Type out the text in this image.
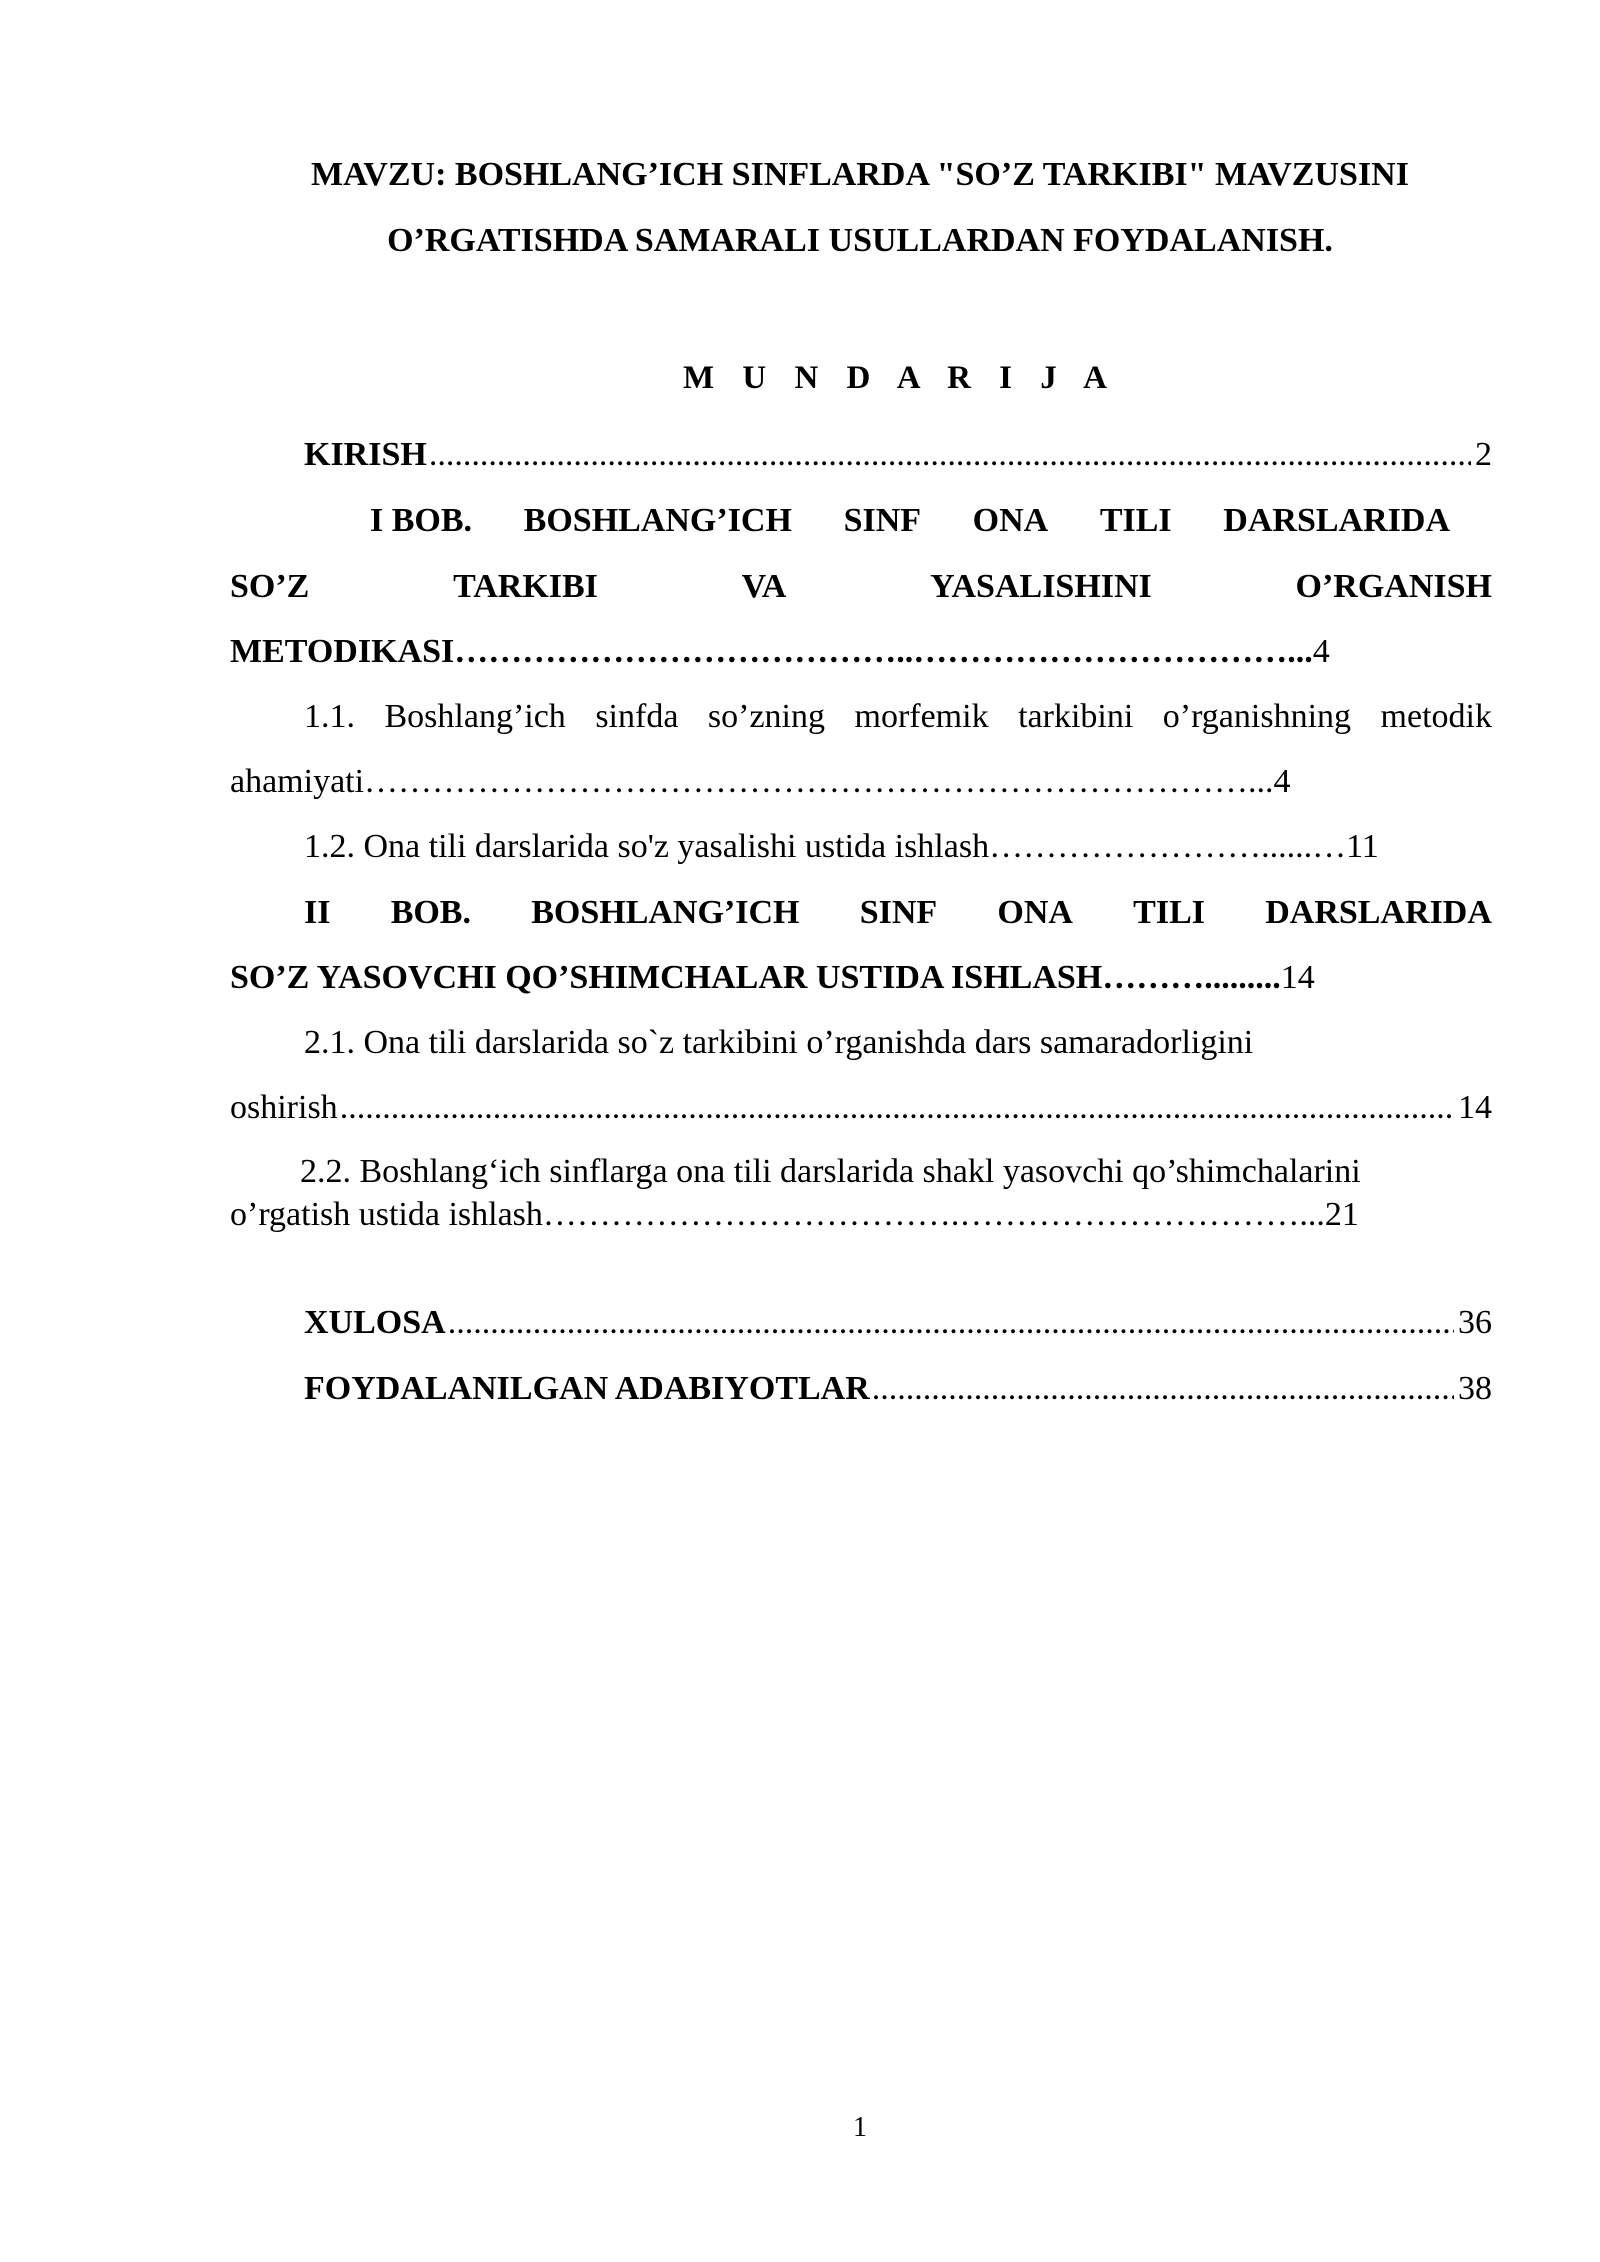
MAVZU: BOSHLANG’ICH SINFLARDA "SO’Z TARKIBI" MAVZUSINI
O’RGATISHDA SAMARALI USULLARDAN FOYDALANISH.
M U N D A R I J A
KIRISH .....	2
I BOB. BOSHLANG’ICH SINF ONA TILI DARSLARIDA
SO’Z	TARKIBI	VA	YASALISHINI	O’RGANISH
METODIKASI…………………………………..……………………………...4
1.1. Boshlang’ich sinfda so’zning morfemik tarkibini o’rganishning metodik
ahamiyati……………………………………………………………………...4
1.2. Ona tili darslarida so'z yasalishi ustida ishlash……………………......…11
II BOB. BOSHLANG’ICH SINF ONA TILI DARSLARIDA
SO’Z YASOVCHI QO’SHIMCHALAR USTIDA ISHLASH……….........14
2.1. Ona tili darslarida so`z tarkibini o’rganishda dars samaradorligini
oshirish .....	14
2.2. Boshlang‘ich sinflarga ona tili darslarida shakl yasovchi qo’shimchalarini
o’rgatish ustida ishlash……………………………….…………………………...21
XULOSA .....	36
FOYDALANILGAN ADABIYOTLAR .....	38
1
